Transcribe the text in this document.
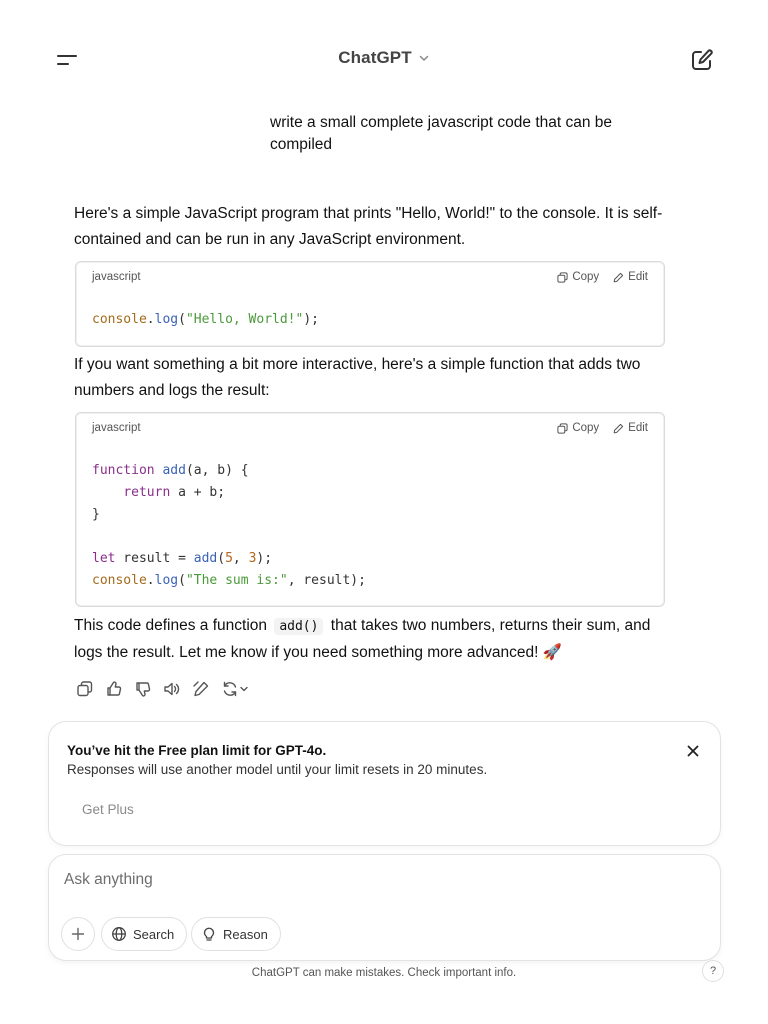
ChatGPT
write a small complete javascript code that can be compiled
Here's a simple JavaScript program that prints "Hello, World!" to the console. It is self-contained and can be run in any JavaScript environment.
javascript	Copy	Edit
console.log("Hello, World!");
If you want something a bit more interactive, here's a simple function that adds two numbers and logs the result:
javascript	Copy	Edit
function add(a, b) {
return a + b;
}

let result = add(5, 3);
console.log("The sum is:", result);
This code defines a function add() that takes two numbers, returns their sum, and logs the result. Let me know if you need something more advanced! 🚀
You’ve hit the Free plan limit for GPT-4o.
Responses will use another model until your limit resets in 20 minutes.
Get Plus
Ask anything
Search	Reason
ChatGPT can make mistakes. Check important info.	?
